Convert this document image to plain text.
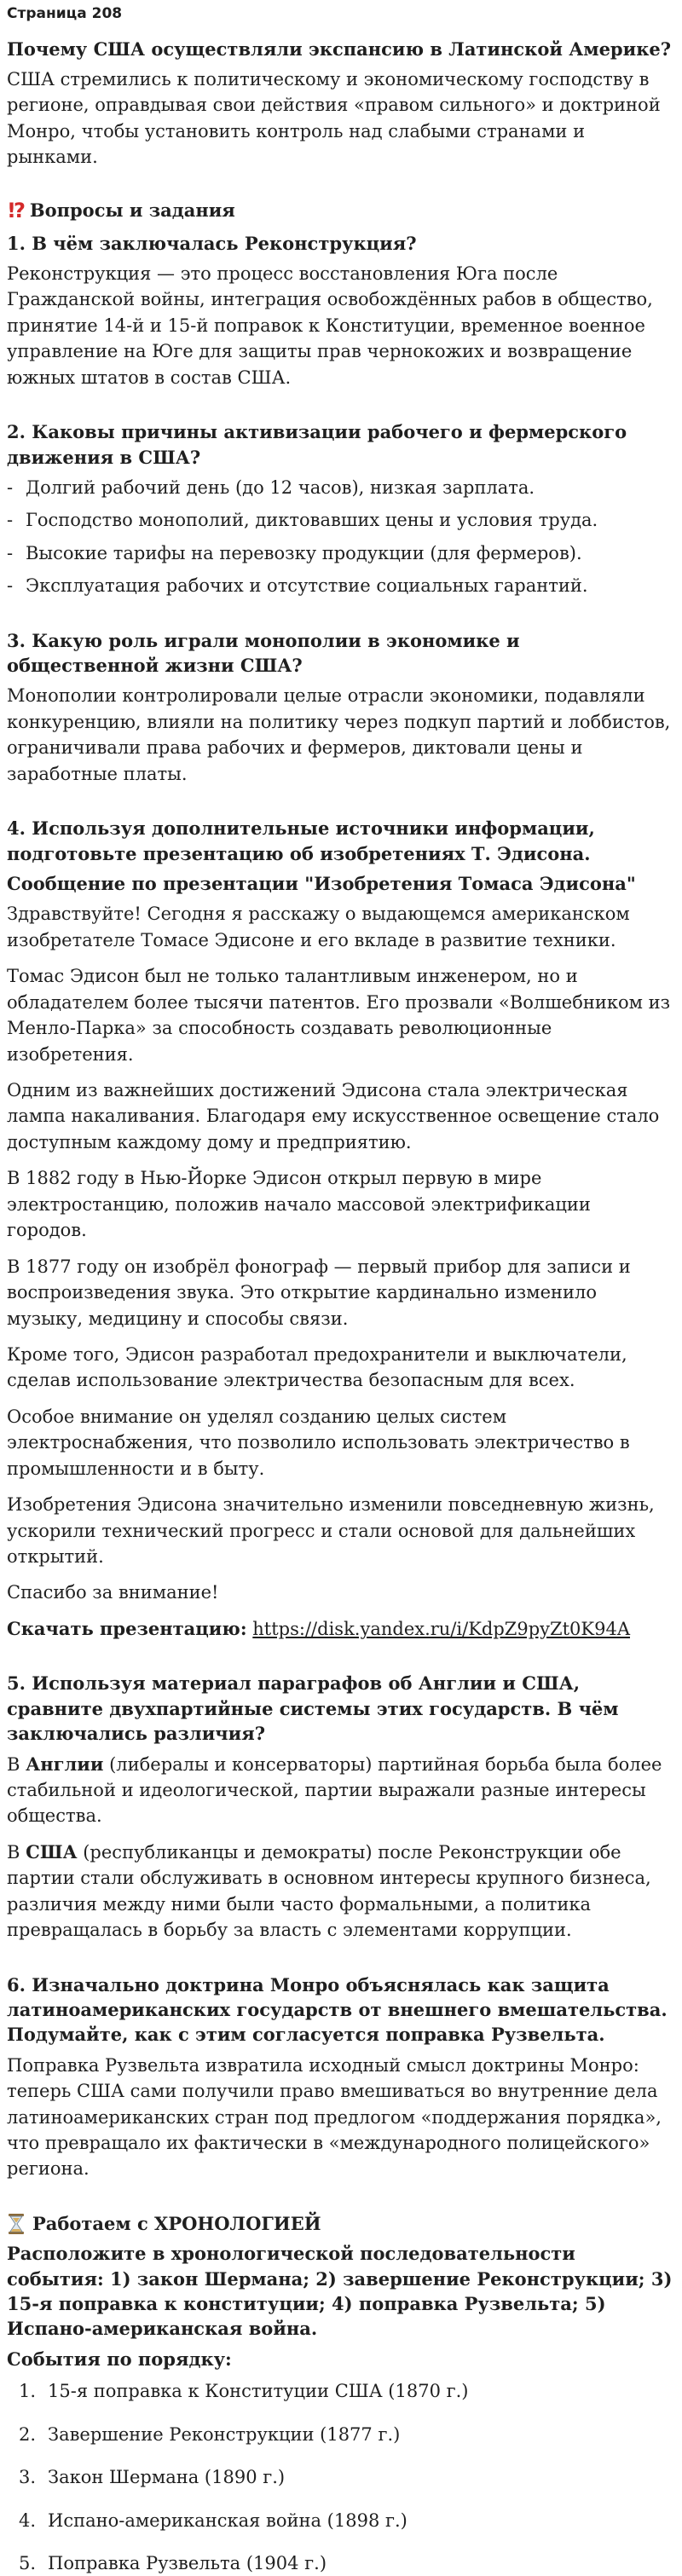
Страница 208
Почему США осуществляли экспансию в Латинской Америке?

США стремились к политическому и экономическому господству в регионе, оправдывая свои действия «правом сильного» и доктриной Монро, чтобы установить контроль над слабыми странами и рынками.

!? Вопросы и задания
1. В чём заключалась Реконструкция?

Реконструкция — это процесс восстановления Юга после Гражданской войны, интеграция освобождённых рабов в общество, принятие 14-й и 15-й поправок к Конституции, временное военное управление на Юге для защиты прав чернокожих и возвращение южных штатов в состав США.

2. Каковы причины активизации рабочего и фермерского движения в США?
- Долгий рабочий день (до 12 часов), низкая зарплата.
- Господство монополий, диктовавших цены и условия труда.
- Высокие тарифы на перевозку продукции (для фермеров).
- Эксплуатация рабочих и отсутствие социальных гарантий.
3. Какую роль играли монополии в экономике и общественной жизни США?

Монополии контролировали целые отрасли экономики, подавляли конкуренцию, влияли на политику через подкуп партий и лоббистов, ограничивали права рабочих и фермеров, диктовали цены и заработные платы.

4. Используя дополнительные источники информации, подготовьте презентацию об изобретениях Т. Эдисона.
Сообщение по презентации "Изобретения Томаса Эдисона"

Здравствуйте! Сегодня я расскажу о выдающемся американском изобретателе Томасе Эдисоне и его вкладе в развитие техники.

Томас Эдисон был не только талантливым инженером, но и обладателем более тысячи патентов. Его прозвали «Волшебником из Менло-Парка» за способность создавать революционные изобретения.

Одним из важнейших достижений Эдисона стала электрическая лампа накаливания. Благодаря ему искусственное освещение стало доступным каждому дому и предприятию.

В 1882 году в Нью-Йорке Эдисон открыл первую в мире электростанцию, положив начало массовой электрификации городов.

В 1877 году он изобрёл фонограф — первый прибор для записи и воспроизведения звука. Это открытие кардинально изменило музыку, медицину и способы связи.

Кроме того, Эдисон разработал предохранители и выключатели, сделав использование электричества безопасным для всех.

Особое внимание он уделял созданию целых систем электроснабжения, что позволило использовать электричество в промышленности и в быту.

Изобретения Эдисона значительно изменили повседневную жизнь, ускорили технический прогресс и стали основой для дальнейших открытий.

Спасибо за внимание!

Скачать презентацию: https://disk.yandex.ru/i/KdpZ9pyZt0K94A

5. Используя материал параграфов об Англии и США, сравните двухпартийные системы этих государств. В чём заключались различия?

В Англии (либералы и консерваторы) партийная борьба была более стабильной и идеологической, партии выражали разные интересы общества.

В США (республиканцы и демократы) после Реконструкции обе партии стали обслуживать в основном интересы крупного бизнеса, различия между ними были часто формальными, а политика превращалась в борьбу за власть с элементами коррупции.

6. Изначально доктрина Монро объяснялась как защита латиноамериканских государств от внешнего вмешательства. Подумайте, как с этим согласуется поправка Рузвельта.

Поправка Рузвельта извратила исходный смысл доктрины Монро: теперь США сами получили право вмешиваться во внутренние дела латиноамериканских стран под предлогом «поддержания порядка», что превращало их фактически в «международного полицейского» региона.

Работаем с ХРОНОЛОГИЕЙ
Расположите в хронологической последовательности события: 1) закон Шермана; 2) завершение Реконструкции; 3) 15-я поправка к конституции; 4) поправка Рузвельта; 5) Испано-американская война.
События по порядку:
1. 15-я поправка к Конституции США (1870 г.)
2. Завершение Реконструкции (1877 г.)
3. Закон Шермана (1890 г.)
4. Испано-американская война (1898 г.)
5. Поправка Рузвельта (1904 г.)
